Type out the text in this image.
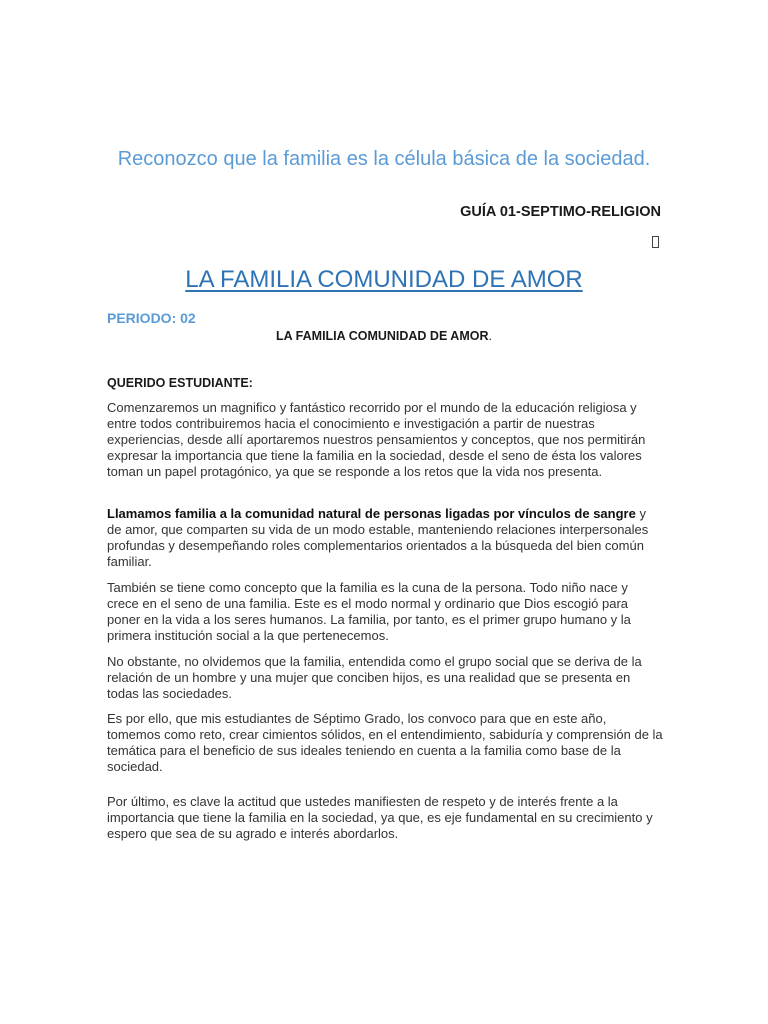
Reconozco que la familia es la célula básica de la sociedad.
GUÍA 01-SEPTIMO-RELIGION
LA FAMILIA COMUNIDAD DE AMOR
PERIODO: 02
LA FAMILIA COMUNIDAD DE AMOR.
QUERIDO ESTUDIANTE:
Comenzaremos un magnifico y fantástico recorrido por el mundo de la educación religiosa y entre todos contribuiremos hacia el conocimiento e investigación a partir de nuestras experiencias, desde allí aportaremos nuestros pensamientos y conceptos, que nos permitirán expresar la importancia que tiene la familia en la sociedad, desde el seno de ésta los valores toman un papel protagónico, ya que se responde a los retos que la vida nos presenta.
Llamamos familia a la comunidad natural de personas ligadas por vínculos de sangre y de amor, que comparten su vida de un modo estable, manteniendo relaciones interpersonales profundas y desempeñando roles complementarios orientados a la búsqueda del bien común familiar.
También se tiene como concepto que la familia es la cuna de la persona. Todo niño nace y crece en el seno de una familia. Este es el modo normal y ordinario que Dios escogió para poner en la vida a los seres humanos. La familia, por tanto, es el primer grupo humano y la primera institución social a la que pertenecemos.
No obstante, no olvidemos que la familia, entendida como el grupo social que se deriva de la relación de un hombre y una mujer que conciben hijos, es una realidad que se presenta en todas las sociedades.
Es por ello, que mis estudiantes de Séptimo Grado, los convoco para que en este año, tomemos como reto, crear cimientos sólidos, en el entendimiento, sabiduría y comprensión de la temática para el beneficio de sus ideales teniendo en cuenta a la familia como base de la sociedad.
Por último, es clave la actitud que ustedes manifiesten de respeto y de interés frente a la importancia que tiene la familia en la sociedad, ya que, es eje fundamental en su crecimiento y espero que sea de su agrado e interés abordarlos.
